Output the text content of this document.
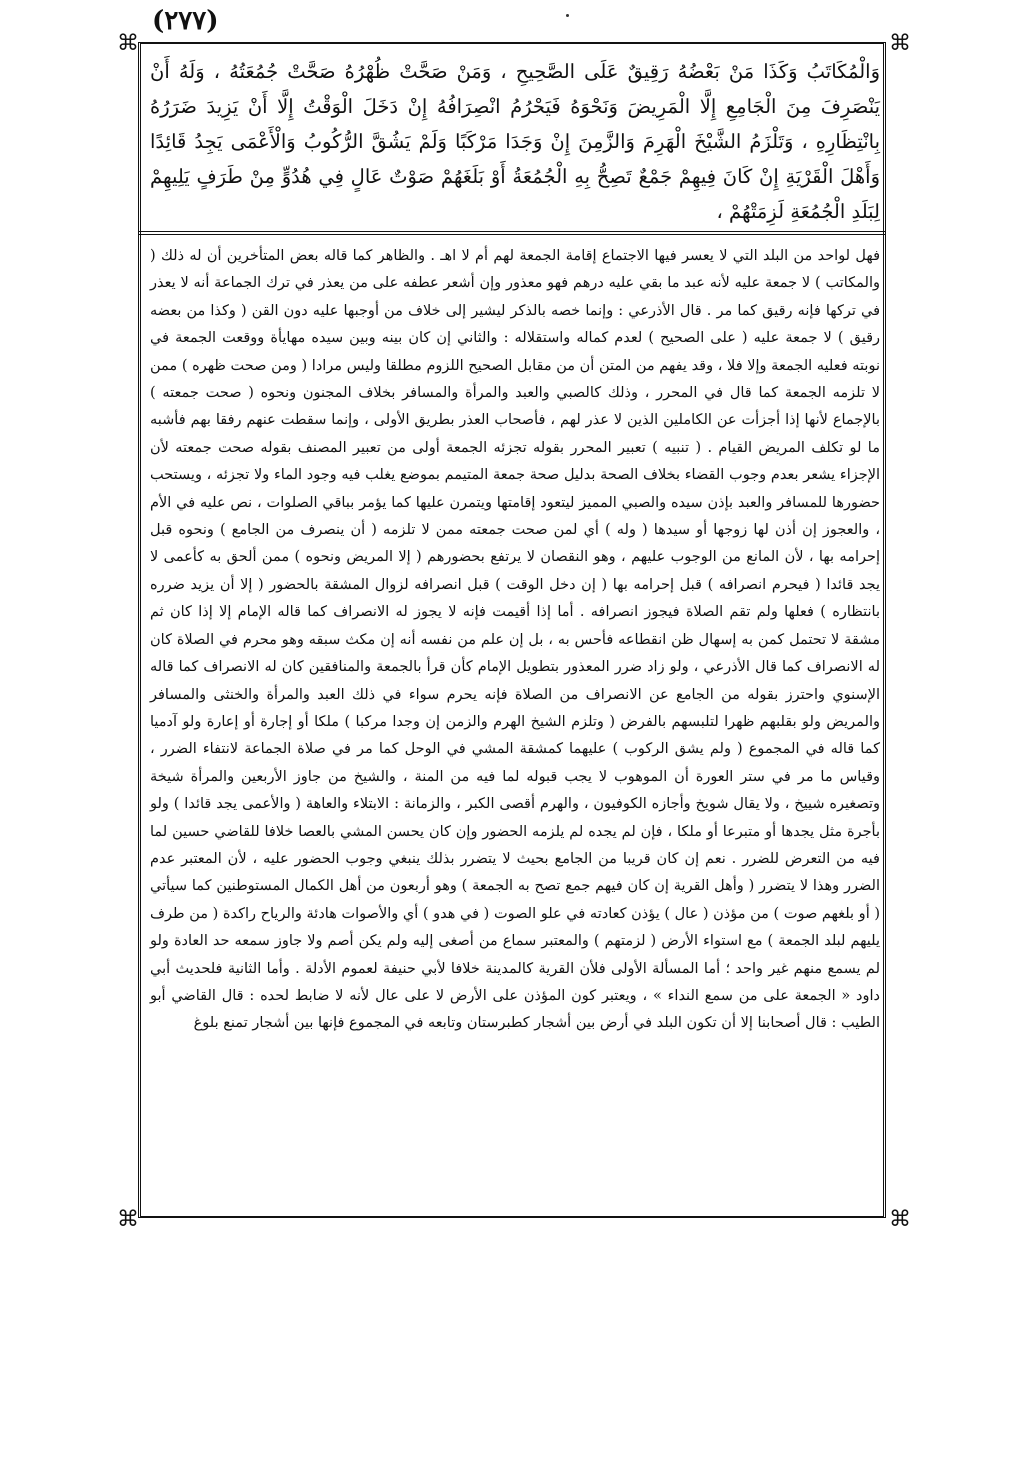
(٢٧٧)
⌘	⌘
⌘	⌘

وَالْمُكَاتَبُ وَكَذَا مَنْ بَعْضُهُ رَقِيقٌ عَلَى الصَّحِيحِ ، وَمَنْ صَحَّتْ ظُهْرُهُ صَحَّتْ جُمُعَتُهُ ، وَلَهُ أَنْ يَنْصَرِفَ مِنَ الْجَامِعِ إِلَّا الْمَرِيضَ وَنَحْوَهُ فَيَحْرُمُ انْصِرَافُهُ إِنْ دَخَلَ الْوَقْتُ إِلَّا أَنْ يَزِيدَ ضَرَرُهُ بِانْتِظَارِهِ ، وَتَلْزَمُ الشَّيْخَ الْهَرِمَ وَالزَّمِنَ إِنْ وَجَدَا مَرْكَبًا وَلَمْ يَشُقَّ الرُّكُوبُ وَالْأَعْمَى يَجِدُ قَائِدًا وَأَهْلَ الْقَرْيَةِ إِنْ كَانَ فِيهِمْ جَمْعٌ تَصِحُّ بِهِ الْجُمُعَةُ أَوْ بَلَغَهُمْ صَوْتٌ عَالٍ فِي هُدُوٍّ مِنْ طَرَفٍ يَلِيهِمْ لِبَلَدِ الْجُمُعَةِ لَزِمَتْهُمْ ،

فهل لواحد من البلد التي لا يعسر فيها الاجتماع إقامة الجمعة لهم أم لا اهـ . والظاهر كما قاله بعض المتأخرين أن له ذلك ( والمكاتب ) لا جمعة عليه لأنه عبد ما بقي عليه درهم فهو معذور وإن أشعر عطفه على من يعذر في ترك الجماعة أنه لا يعذر في تركها فإنه رقيق كما مر . قال الأذرعي : وإنما خصه بالذكر ليشير إلى خلاف من أوجبها عليه دون القن ( وكذا من بعضه رقيق ) لا جمعة عليه ( على الصحيح ) لعدم كماله واستقلاله : والثاني إن كان بينه وبين سيده مهايأة ووقعت الجمعة في نوبته فعليه الجمعة وإلا فلا ، وقد يفهم من المتن أن من مقابل الصحيح اللزوم مطلقا وليس مرادا ( ومن صحت ظهره ) ممن لا تلزمه الجمعة كما قال في المحرر ، وذلك كالصبي والعبد والمرأة والمسافر بخلاف المجنون ونحوه ( صحت جمعته ) بالإجماع لأنها إذا أجزأت عن الكاملين الذين لا عذر لهم ، فأصحاب العذر بطريق الأولى ، وإنما سقطت عنهم رفقا بهم فأشبه ما لو تكلف المريض القيام . ( تنبيه ) تعبير المحرر بقوله تجزئه الجمعة أولى من تعبير المصنف بقوله صحت جمعته لأن الإجزاء يشعر بعدم وجوب القضاء بخلاف الصحة بدليل صحة جمعة المتيمم بموضع يغلب فيه وجود الماء ولا تجزئه ، ويستحب حضورها للمسافر والعبد بإذن سيده والصبي المميز ليتعود إقامتها ويتمرن عليها كما يؤمر بباقي الصلوات ، نص عليه في الأم ، والعجوز إن أذن لها زوجها أو سيدها ( وله ) أي لمن صحت جمعته ممن لا تلزمه ( أن ينصرف من الجامع ) ونحوه قبل إحرامه بها ، لأن المانع من الوجوب عليهم ، وهو النقصان لا يرتفع بحضورهم ( إلا المريض ونحوه ) ممن ألحق به كأعمى لا يجد قائدا ( فيحرم انصرافه ) قبل إحرامه بها ( إن دخل الوقت ) قبل انصرافه لزوال المشقة بالحضور ( إلا أن يزيد ضرره بانتظاره ) فعلها ولم تقم الصلاة فيجوز انصرافه . أما إذا أقيمت فإنه لا يجوز له الانصراف كما قاله الإمام إلا إذا كان ثم مشقة لا تحتمل كمن به إسهال ظن انقطاعه فأحس به ، بل إن علم من نفسه أنه إن مكث سبقه وهو محرم في الصلاة كان له الانصراف كما قال الأذرعي ، ولو زاد ضرر المعذور بتطويل الإمام كأن قرأ بالجمعة والمنافقين كان له الانصراف كما قاله الإسنوي واحترز بقوله من الجامع عن الانصراف من الصلاة فإنه يحرم سواء في ذلك العبد والمرأة والخنثى والمسافر والمريض ولو بقلبهم ظهرا لتلبسهم بالفرض ( وتلزم الشيخ الهرم والزمن إن وجدا مركبا ) ملكا أو إجارة أو إعارة ولو آدميا كما قاله في المجموع ( ولم يشق الركوب ) عليهما كمشقة المشي في الوحل كما مر في صلاة الجماعة لانتفاء الضرر ، وقياس ما مر في ستر العورة أن الموهوب لا يجب قبوله لما فيه من المنة ، والشيخ من جاوز الأربعين والمرأة شيخة وتصغيره شييخ ، ولا يقال شويخ وأجازه الكوفيون ، والهرم أقصى الكبر ، والزمانة : الابتلاء والعاهة ( والأعمى يجد قائدا ) ولو بأجرة مثل يجدها أو متبرعا أو ملكا ، فإن لم يجده لم يلزمه الحضور وإن كان يحسن المشي بالعصا خلافا للقاضي حسين لما فيه من التعرض للضرر . نعم إن كان قريبا من الجامع بحيث لا يتضرر بذلك ينبغي وجوب الحضور عليه ، لأن المعتبر عدم الضرر وهذا لا يتضرر ( وأهل القرية إن كان فيهم جمع تصح به الجمعة ) وهو أربعون من أهل الكمال المستوطنين كما سيأتي ( أو بلغهم صوت ) من مؤذن ( عال ) يؤذن كعادته في علو الصوت ( في هدو ) أي والأصوات هادئة والرياح راكدة ( من طرف يليهم لبلد الجمعة ) مع استواء الأرض ( لزمتهم ) والمعتبر سماع من أصغى إليه ولم يكن أصم ولا جاوز سمعه حد العادة ولو لم يسمع منهم غير واحد ؛ أما المسألة الأولى فلأن القرية كالمدينة خلافا لأبي حنيفة لعموم الأدلة . وأما الثانية فلحديث أبي داود « الجمعة على من سمع النداء » ، ويعتبر كون المؤذن على الأرض لا على عال لأنه لا ضابط لحده : قال القاضي أبو الطيب : قال أصحابنا إلا أن تكون البلد في أرض بين أشجار كطبرستان وتابعه في المجموع فإنها بين أشجار تمنع بلوغ
